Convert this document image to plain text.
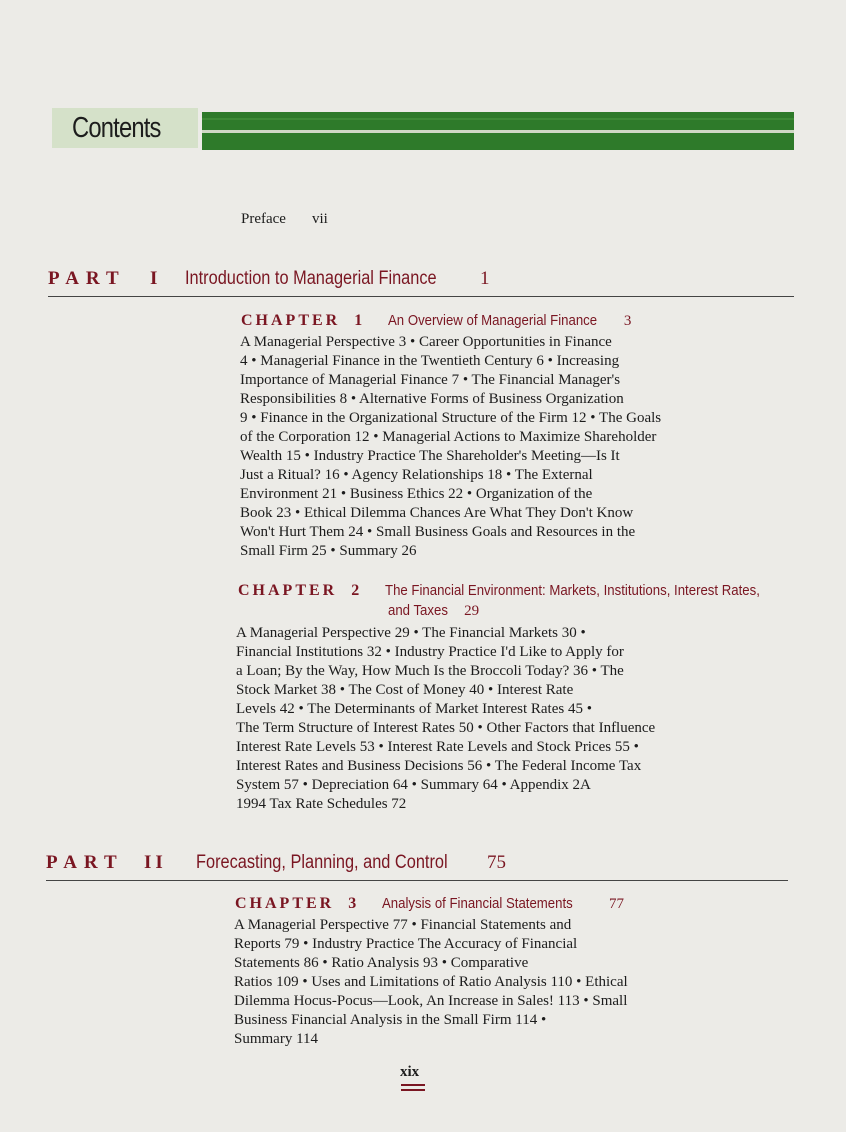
Contents
Preface vii
PART I Introduction to Managerial Finance 1
CHAPTER 1 An Overview of Managerial Finance 3
A Managerial Perspective 3 • Career Opportunities in Finance
4 • Managerial Finance in the Twentieth Century 6 • Increasing
Importance of Managerial Finance 7 • The Financial Manager's
Responsibilities 8 • Alternative Forms of Business Organization
9 • Finance in the Organizational Structure of the Firm 12 • The Goals
of the Corporation 12 • Managerial Actions to Maximize Shareholder
Wealth 15 • Industry Practice The Shareholder's Meeting—Is It
Just a Ritual? 16 • Agency Relationships 18 • The External
Environment 21 • Business Ethics 22 • Organization of the
Book 23 • Ethical Dilemma Chances Are What They Don't Know
Won't Hurt Them 24 • Small Business Goals and Resources in the
Small Firm 25 • Summary 26
CHAPTER 2 The Financial Environment: Markets, Institutions, Interest Rates,
and Taxes 29
A Managerial Perspective 29 • The Financial Markets 30 •
Financial Institutions 32 • Industry Practice I'd Like to Apply for
a Loan; By the Way, How Much Is the Broccoli Today? 36 • The
Stock Market 38 • The Cost of Money 40 • Interest Rate
Levels 42 • The Determinants of Market Interest Rates 45 •
The Term Structure of Interest Rates 50 • Other Factors that Influence
Interest Rate Levels 53 • Interest Rate Levels and Stock Prices 55 •
Interest Rates and Business Decisions 56 • The Federal Income Tax
System 57 • Depreciation 64 • Summary 64 • Appendix 2A
1994 Tax Rate Schedules 72
PART II Forecasting, Planning, and Control 75
CHAPTER 3 Analysis of Financial Statements 77
A Managerial Perspective 77 • Financial Statements and
Reports 79 • Industry Practice The Accuracy of Financial
Statements 86 • Ratio Analysis 93 • Comparative
Ratios 109 • Uses and Limitations of Ratio Analysis 110 • Ethical
Dilemma Hocus-Pocus—Look, An Increase in Sales! 113 • Small
Business Financial Analysis in the Small Firm 114 •
Summary 114
xix
